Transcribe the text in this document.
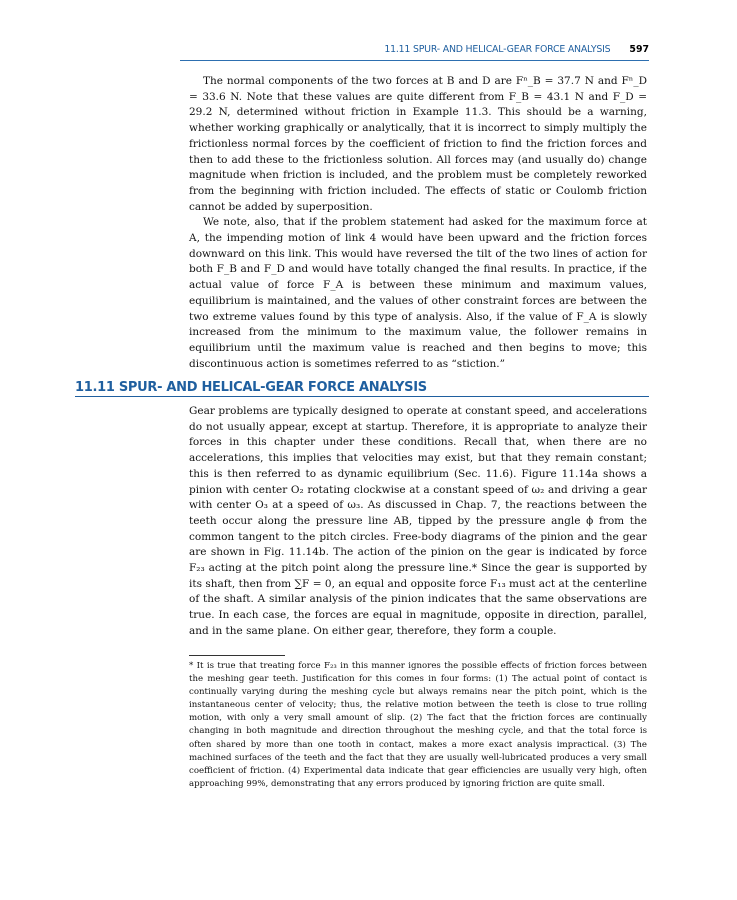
11.11 SPUR- AND HELICAL-GEAR FORCE ANALYSIS 597

The normal components of the two forces at B and D are Fⁿ_B = 37.7 N and Fⁿ_D = 33.6 N. Note that these values are quite different from F_B = 43.1 N and F_D = 29.2 N, determined without friction in Example 11.3. This should be a warning, whether working graphically or analytically, that it is incorrect to simply multiply the frictionless normal forces by the coefficient of friction to find the friction forces and then to add these to the frictionless solution. All forces may (and usually do) change magnitude when friction is included, and the problem must be completely reworked from the beginning with friction included. The effects of static or Coulomb friction cannot be added by superposition.

We note, also, that if the problem statement had asked for the maximum force at A, the impending motion of link 4 would have been upward and the friction forces downward on this link. This would have reversed the tilt of the two lines of action for both F_B and F_D and would have totally changed the final results. In practice, if the actual value of force F_A is between these minimum and maximum values, equilibrium is maintained, and the values of other constraint forces are between the two extreme values found by this type of analysis. Also, if the value of F_A is slowly increased from the minimum to the maximum value, the follower remains in equilibrium until the maximum value is reached and then begins to move; this discontinuous action is sometimes referred to as “stiction.”

11.11 SPUR- AND HELICAL-GEAR FORCE ANALYSIS

Gear problems are typically designed to operate at constant speed, and accelerations do not usually appear, except at startup. Therefore, it is appropriate to analyze their forces in this chapter under these conditions. Recall that, when there are no accelerations, this implies that velocities may exist, but that they remain constant; this is then referred to as dynamic equilibrium (Sec. 11.6). Figure 11.14a shows a pinion with center O₂ rotating clockwise at a constant speed of ω₂ and driving a gear with center O₃ at a speed of ω₃. As discussed in Chap. 7, the reactions between the teeth occur along the pressure line AB, tipped by the pressure angle ϕ from the common tangent to the pitch circles. Free-body diagrams of the pinion and the gear are shown in Fig. 11.14b. The action of the pinion on the gear is indicated by force F₂₃ acting at the pitch point along the pressure line.* Since the gear is supported by its shaft, then from ∑F = 0, an equal and opposite force F₁₃ must act at the centerline of the shaft. A similar analysis of the pinion indicates that the same observations are true. In each case, the forces are equal in magnitude, opposite in direction, parallel, and in the same plane. On either gear, therefore, they form a couple.

* It is true that treating force F₂₃ in this manner ignores the possible effects of friction forces between the meshing gear teeth. Justification for this comes in four forms: (1) The actual point of contact is continually varying during the meshing cycle but always remains near the pitch point, which is the instantaneous center of velocity; thus, the relative motion between the teeth is close to true rolling motion, with only a very small amount of slip. (2) The fact that the friction forces are continually changing in both magnitude and direction throughout the meshing cycle, and that the total force is often shared by more than one tooth in contact, makes a more exact analysis impractical. (3) The machined surfaces of the teeth and the fact that they are usually well-lubricated produces a very small coefficient of friction. (4) Experimental data indicate that gear efficiencies are usually very high, often approaching 99%, demonstrating that any errors produced by ignoring friction are quite small.
